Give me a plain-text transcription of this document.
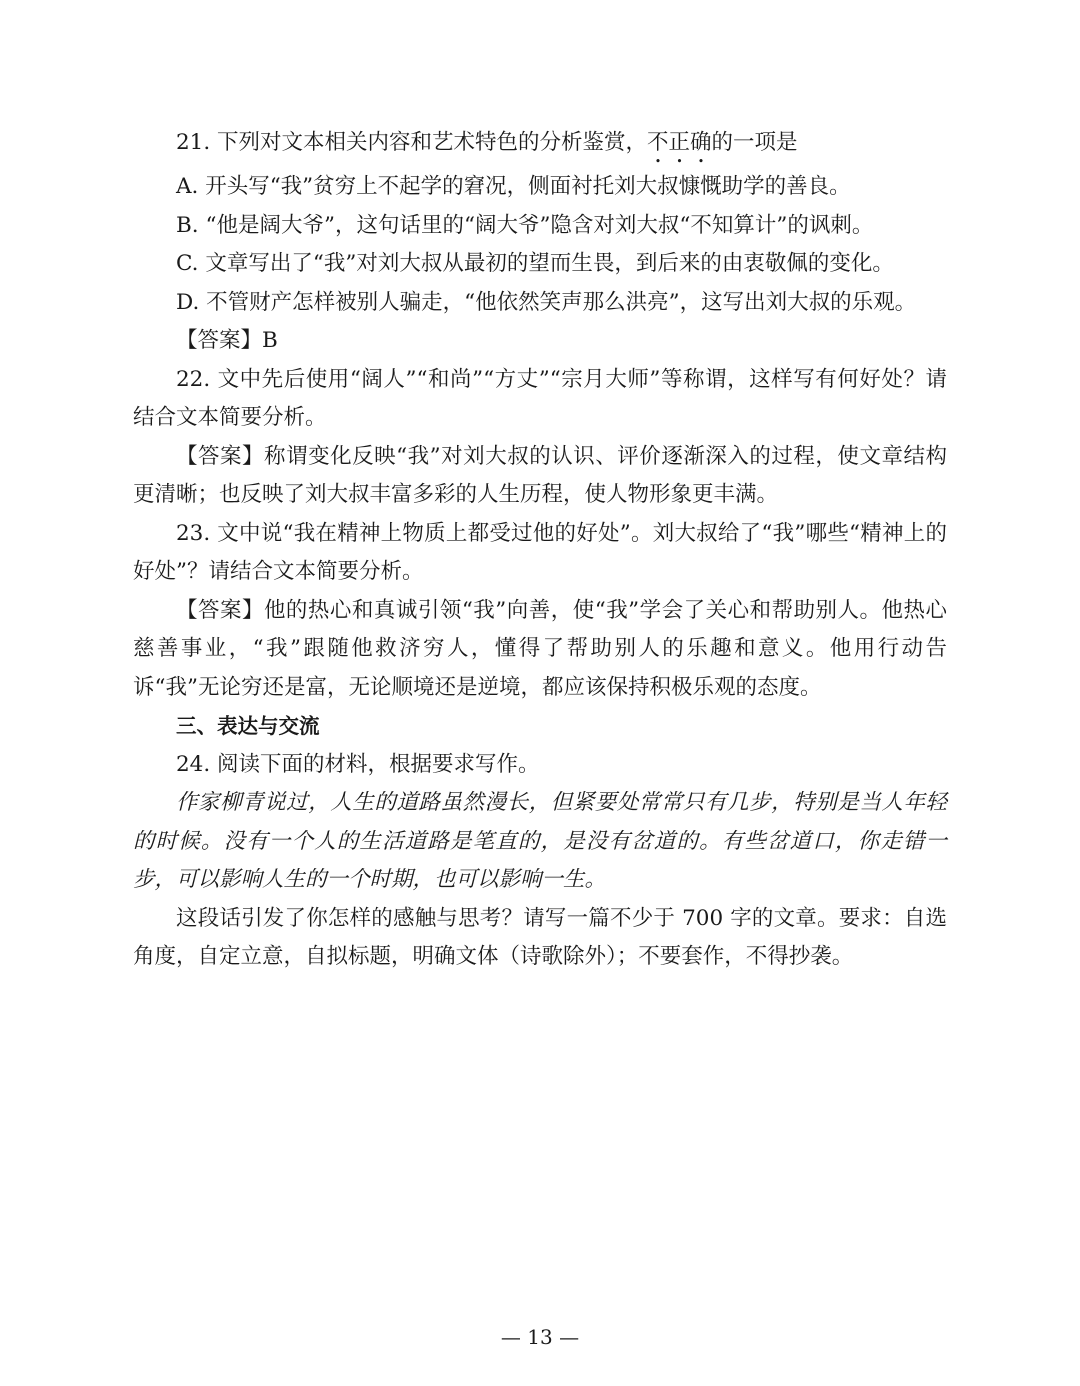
21. 下列对文本相关内容和艺术特色的分析鉴赏，不正确的一项是

A. 开头写“我”贫穷上不起学的窘况，侧面衬托刘大叔慷慨助学的善良。

B. “他是阔大爷”，这句话里的“阔大爷”隐含对刘大叔“不知算计”的讽刺。

C. 文章写出了“我”对刘大叔从最初的望而生畏，到后来的由衷敬佩的变化。

D. 不管财产怎样被别人骗走，“他依然笑声那么洪亮”，这写出刘大叔的乐观。

【答案】B

22. 文中先后使用“阔人”“和尚”“方丈”“宗月大师”等称谓，这样写有何好处？请结合文本简要分析。

【答案】称谓变化反映“我”对刘大叔的认识、评价逐渐深入的过程，使文章结构更清晰；也反映了刘大叔丰富多彩的人生历程，使人物形象更丰满。

23. 文中说“我在精神上物质上都受过他的好处”。刘大叔给了“我”哪些“精神上的好处”？请结合文本简要分析。

【答案】他的热心和真诚引领“我”向善，使“我”学会了关心和帮助别人。他热心慈善事业，“我”跟随他救济穷人，懂得了帮助别人的乐趣和意义。他用行动告诉“我”无论穷还是富，无论顺境还是逆境，都应该保持积极乐观的态度。

三、表达与交流

24. 阅读下面的材料，根据要求写作。

作家柳青说过，人生的道路虽然漫长，但紧要处常常只有几步，特别是当人年轻的时候。没有一个人的生活道路是笔直的，是没有岔道的。有些岔道口，你走错一步，可以影响人生的一个时期，也可以影响一生。

这段话引发了你怎样的感触与思考？请写一篇不少于 700 字的文章。要求：自选角度，自定立意，自拟标题，明确文体（诗歌除外）；不要套作，不得抄袭。

— 13 —
